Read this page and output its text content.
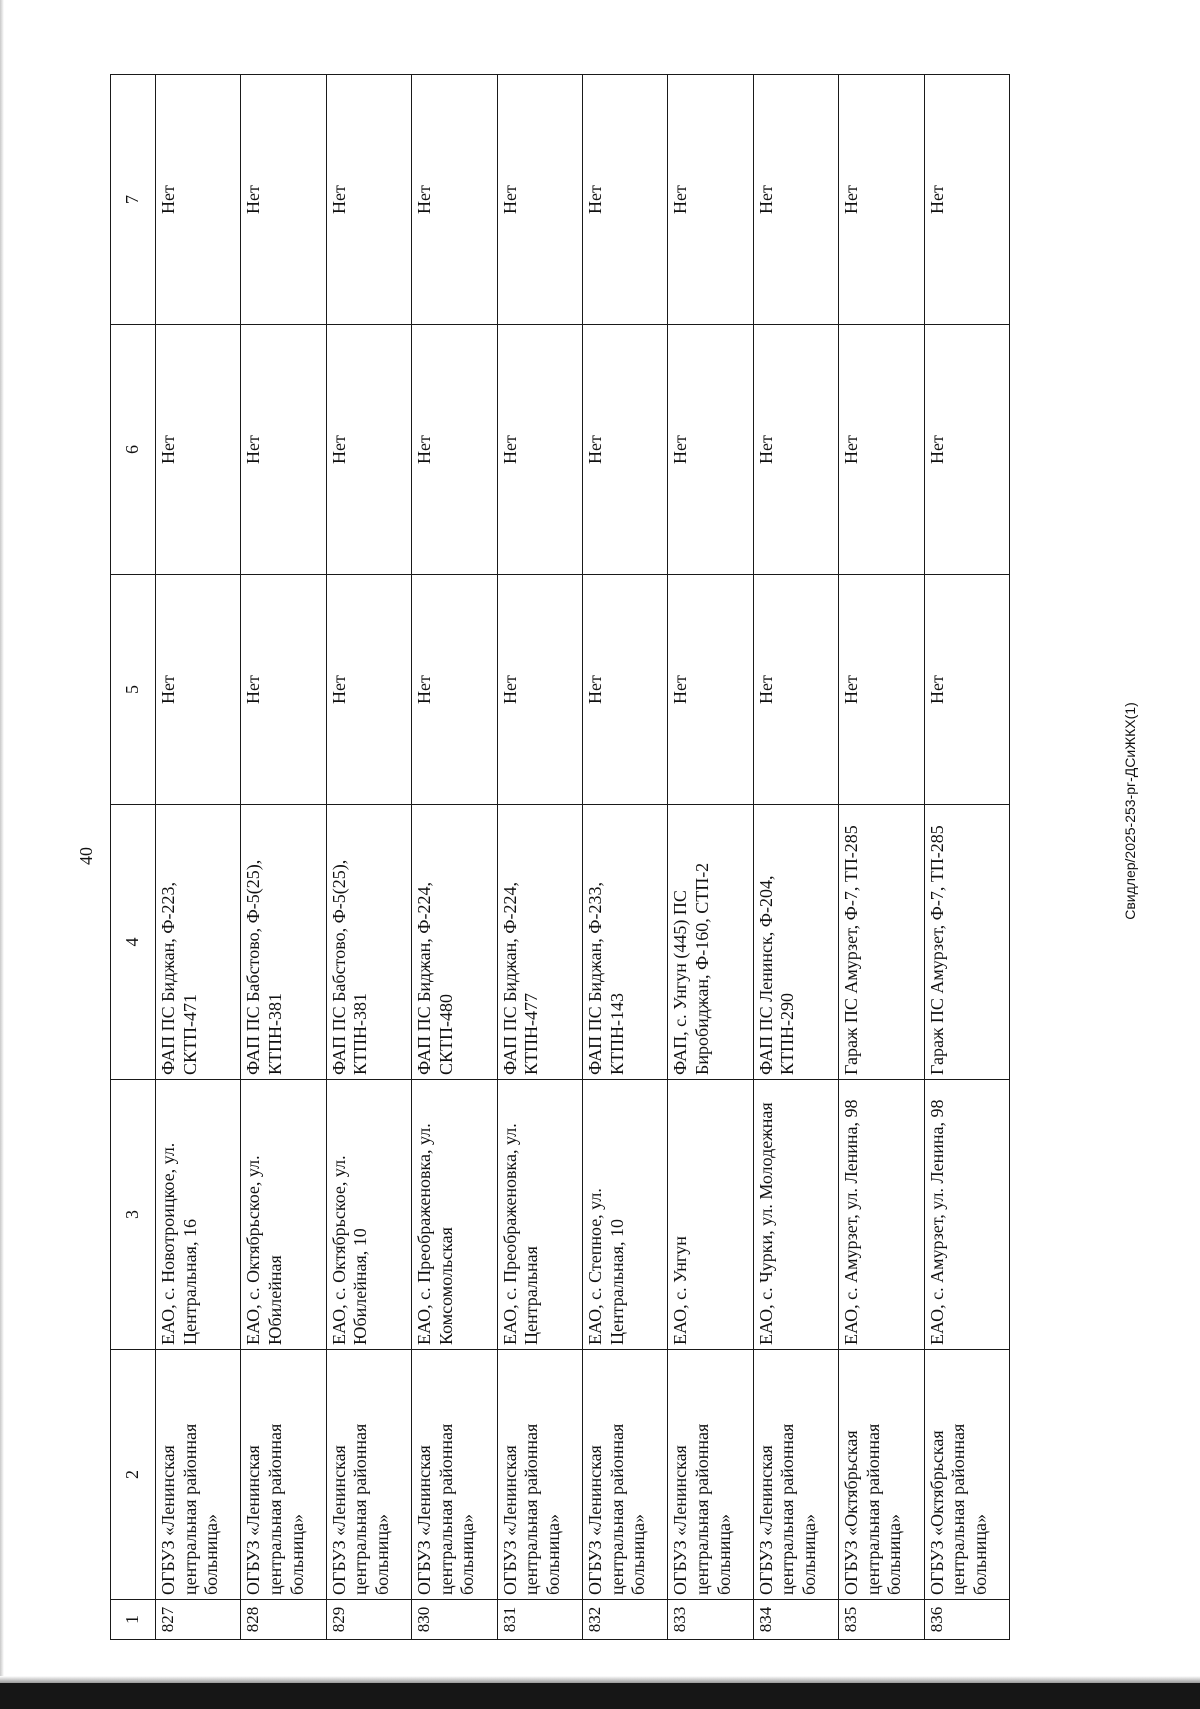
40
1	2	3	4	5	6	7
827	ОГБУЗ «Ленинская центральная районная больница»	ЕАО, с. Новотроицкое, ул. Центральная, 16	ФАП ПС Биджан, Ф-223, СКТП-471	Нет	Нет	Нет
828	ОГБУЗ «Ленинская центральная районная больница»	ЕАО, с. Октябрьское, ул. Юбилейная	ФАП ПС Бабстово, Ф-5(25), КТПН-381	Нет	Нет	Нет
829	ОГБУЗ «Ленинская центральная районная больница»	ЕАО, с. Октябрьское, ул. Юбилейная, 10	ФАП ПС Бабстово, Ф-5(25), КТПН-381	Нет	Нет	Нет
830	ОГБУЗ «Ленинская центральная районная больница»	ЕАО, с. Преображеновка, ул. Комсомольская	ФАП ПС Биджан, Ф-224, СКТП-480	Нет	Нет	Нет
831	ОГБУЗ «Ленинская центральная районная больница»	ЕАО, с. Преображеновка, ул. Центральная	ФАП ПС Биджан, Ф-224, КТПН-477	Нет	Нет	Нет
832	ОГБУЗ «Ленинская центральная районная больница»	ЕАО, с. Степное, ул. Центральная, 10	ФАП ПС Биджан, Ф-233, КТПН-143	Нет	Нет	Нет
833	ОГБУЗ «Ленинская центральная районная больница»	ЕАО, с. Унгун	ФАП, с. Унгун (445) ПС Биробиджан, Ф-160, СТП-2	Нет	Нет	Нет
834	ОГБУЗ «Ленинская центральная районная больница»	ЕАО, с. Чурки, ул. Молодежная	ФАП ПС Ленинск, Ф-204, КТПН-290	Нет	Нет	Нет
835	ОГБУЗ «Октябрьская центральная районная больница»	ЕАО, с. Амурзет, ул. Ленина, 98	Гараж ПС Амурзет, Ф-7, ТП-285	Нет	Нет	Нет
836	ОГБУЗ «Октябрьская центральная районная больница»	ЕАО, с. Амурзет, ул. Ленина, 98	Гараж ПС Амурзет, Ф-7, ТП-285	Нет	Нет	Нет
Свидлер/2025-253-рг-ДСиЖКХ(1)
